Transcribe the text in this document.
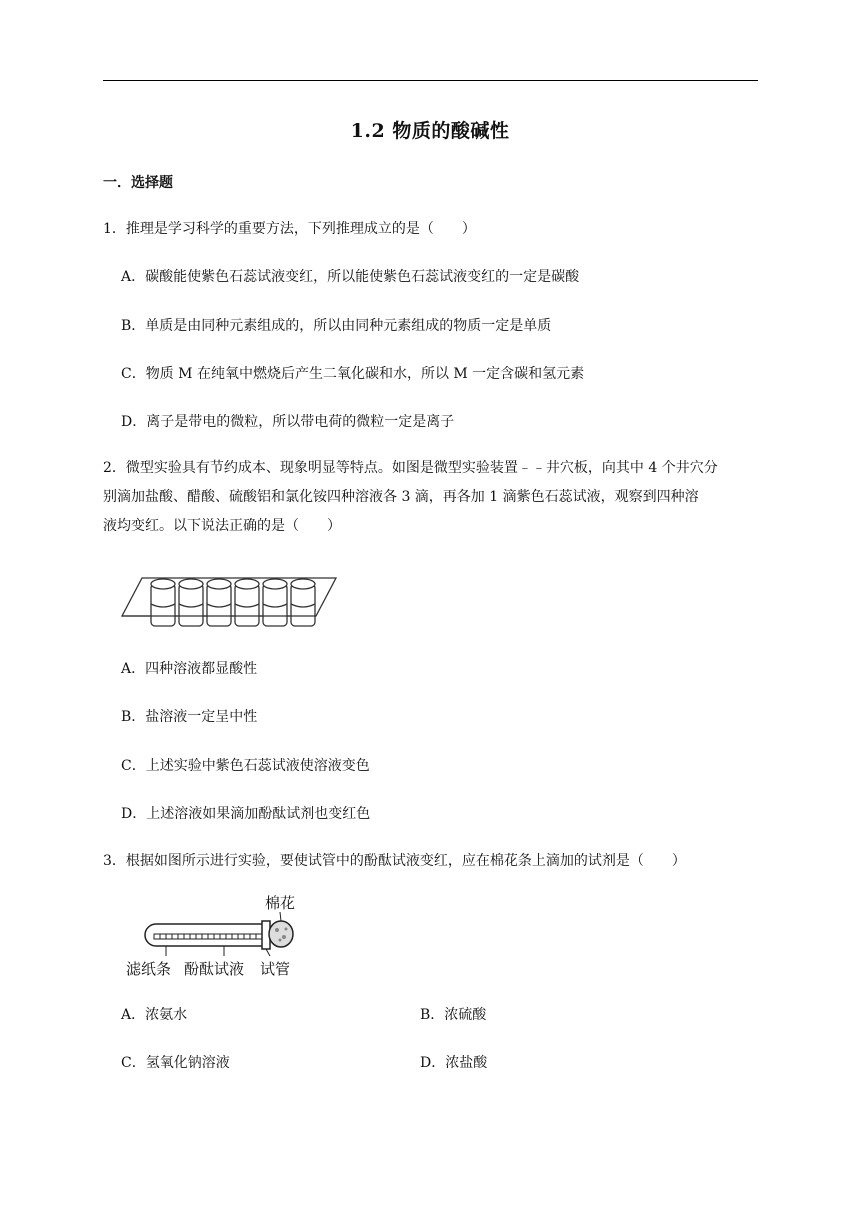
1.2 物质的酸碱性
一．选择题
1．推理是学习科学的重要方法，下列推理成立的是（　　）
A．碳酸能使紫色石蕊试液变红，所以能使紫色石蕊试液变红的一定是碳酸
B．单质是由同种元素组成的，所以由同种元素组成的物质一定是单质
C．物质 M 在纯氧中燃烧后产生二氧化碳和水，所以 M 一定含碳和氢元素
D．离子是带电的微粒，所以带电荷的微粒一定是离子
2．微型实验具有节约成本、现象明显等特点。如图是微型实验装置﹣﹣井穴板，向其中 4 个井穴分
别滴加盐酸、醋酸、硫酸铝和氯化铵四种溶液各 3 滴，再各加 1 滴紫色石蕊试液，观察到四种溶
液均变红。以下说法正确的是（　　）
A．四种溶液都显酸性
B．盐溶液一定呈中性
C．上述实验中紫色石蕊试液使溶液变色
D．上述溶液如果滴加酚酞试剂也变红色
3．根据如图所示进行实验，要使试管中的酚酞试液变红，应在棉花条上滴加的试剂是（　　）
棉花
滤纸条 酚酞试液 试管
A．浓氨水	B．浓硫酸
C．氢氧化钠溶液	D．浓盐酸
